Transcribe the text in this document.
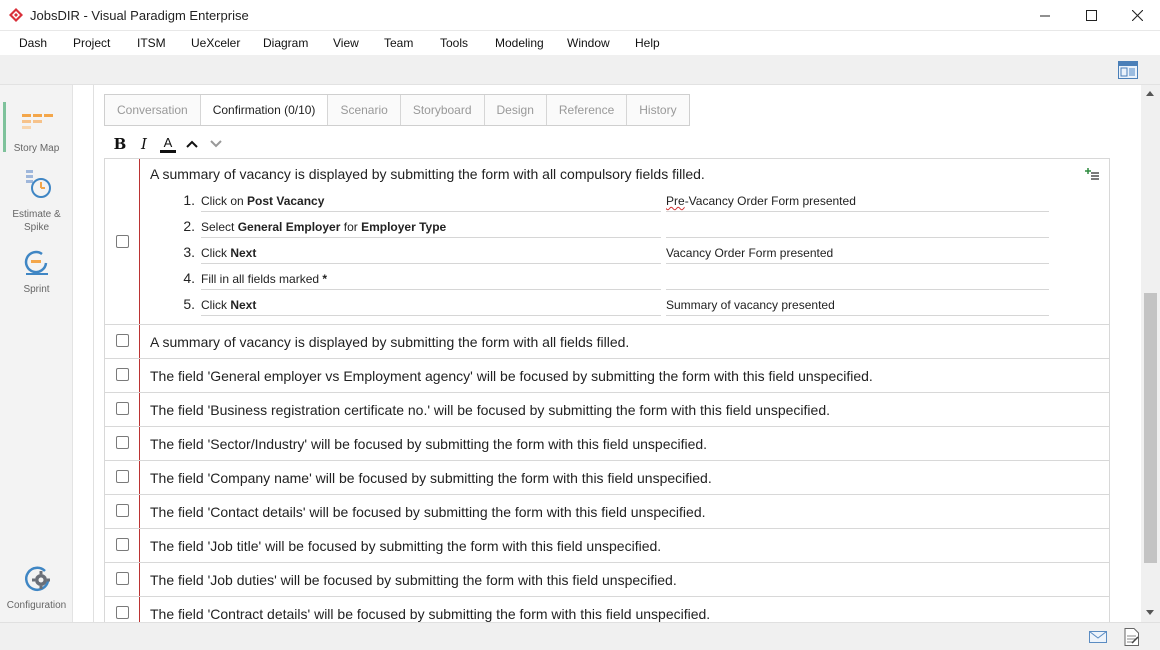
JobsDIR - Visual Paradigm Enterprise
Dash Project ITSM UeXceler Diagram View Team Tools Modeling Window Help
Story Map
Estimate & Spike
Sprint
Configuration
Conversation	Confirmation (0/10)	Scenario	Storyboard	Design	Reference	History
B I	A
A summary of vacancy is displayed by submitting the form with all compulsory fields filled.
1. Click on Post Vacancy	Pre-Vacancy Order Form presented
2. Select General Employer for Employer Type
3. Click Next	Vacancy Order Form presented
4. Fill in all fields marked *
5. Click Next	Summary of vacancy presented
A summary of vacancy is displayed by submitting the form with all fields filled.
The field 'General employer vs Employment agency' will be focused by submitting the form with this field unspecified.
The field 'Business registration certificate no.' will be focused by submitting the form with this field unspecified.
The field 'Sector/Industry' will be focused by submitting the form with this field unspecified.
The field 'Company name' will be focused by submitting the form with this field unspecified.
The field 'Contact details' will be focused by submitting the form with this field unspecified.
The field 'Job title' will be focused by submitting the form with this field unspecified.
The field 'Job duties' will be focused by submitting the form with this field unspecified.
The field 'Contract details' will be focused by submitting the form with this field unspecified.
